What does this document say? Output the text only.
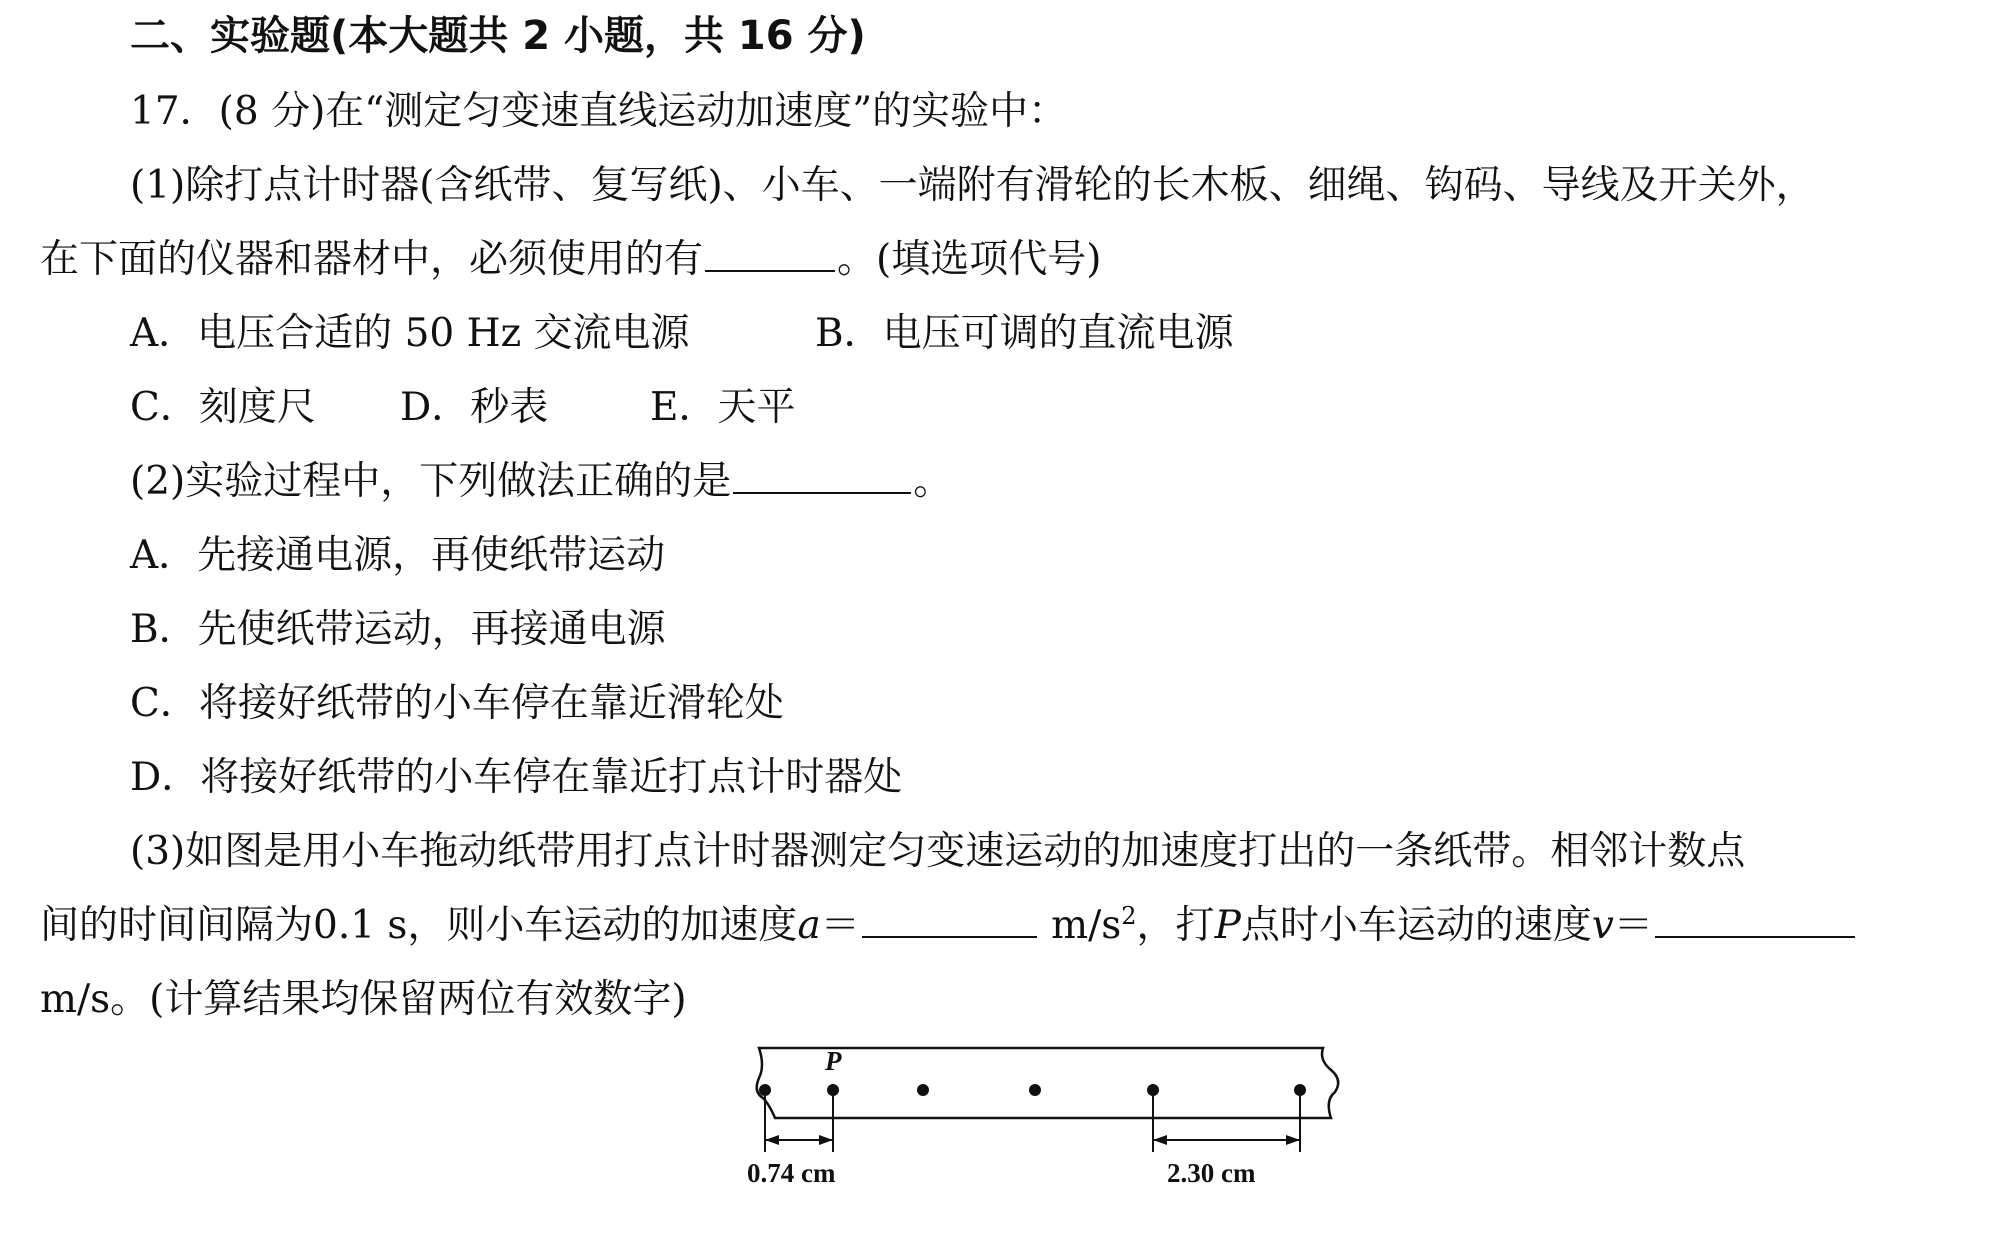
二、实验题(本大题共 2 小题，共 16 分)
17．(8 分)在“测定匀变速直线运动加速度”的实验中：
(1)除打点计时器(含纸带、复写纸)、小车、一端附有滑轮的长木板、细绳、钩码、导线及开关外，
在下面的仪器和器材中，必须使用的有	。(填选项代号)
A．电压合适的 50 Hz 交流电源	B．电压可调的直流电源
C．刻度尺 D．秒表	E．天平
(2)实验过程中，下列做法正确的是	。
A．先接通电源，再使纸带运动
B．先使纸带运动，再接通电源
C．将接好纸带的小车停在靠近滑轮处
D．将接好纸带的小车停在靠近打点计时器处
(3)如图是用小车拖动纸带用打点计时器测定匀变速运动的加速度打出的一条纸带。相邻计数点
间的时间间隔为0.1 s，则小车运动的加速度a＝	$m/s^2$，打P点时小车运动的速度v＝
m/s。(计算结果均保留两位有效数字)
P
0.74 cm	2.30 cm
